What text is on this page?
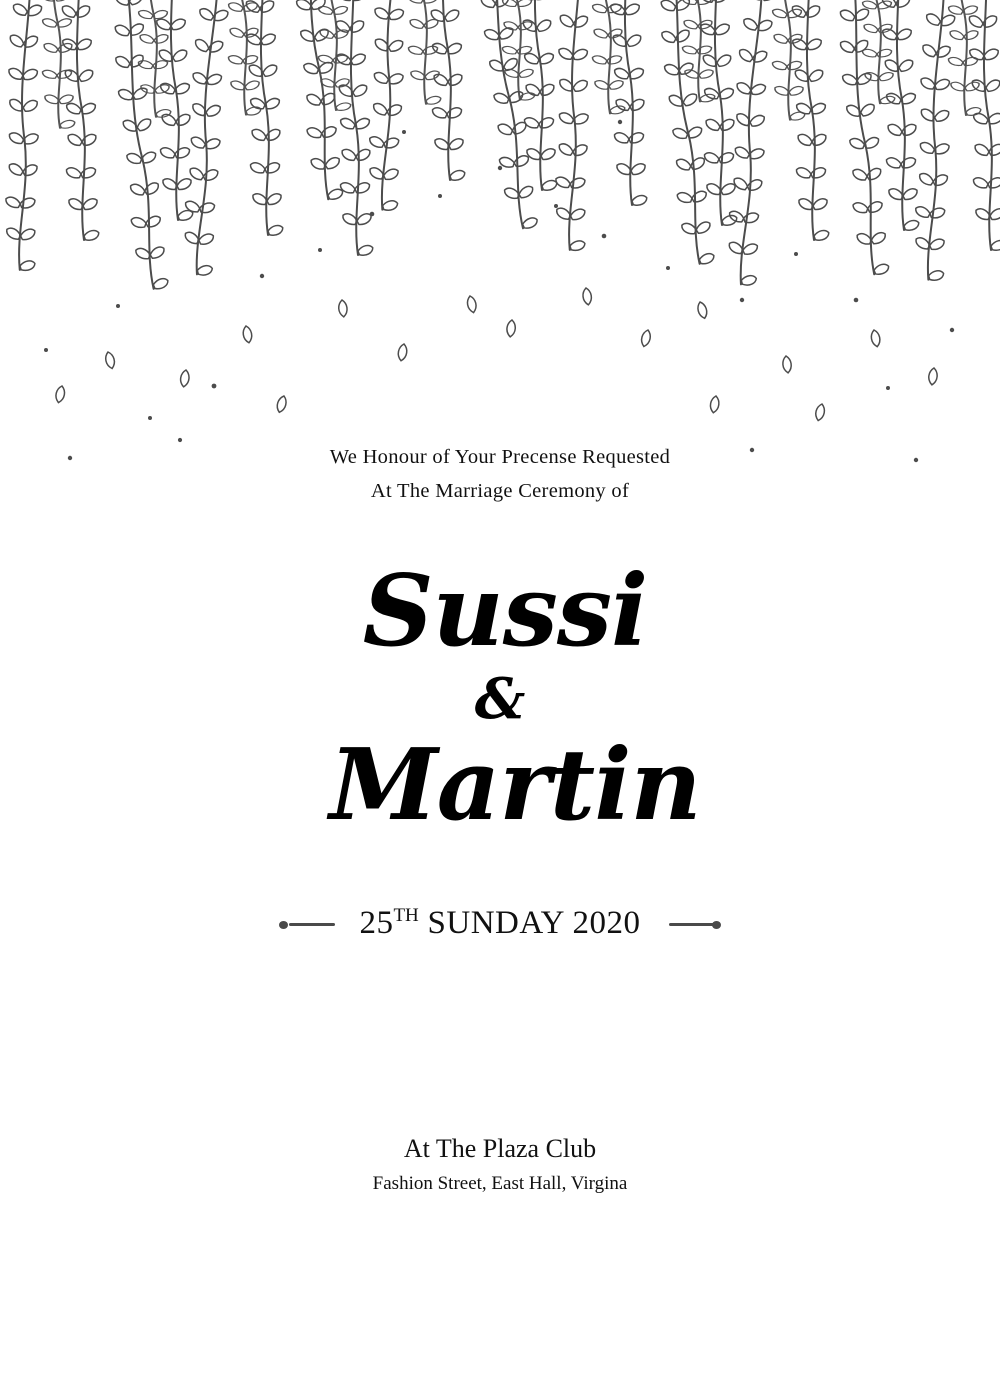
We Honour of Your Precense Requested
At The Marriage Ceremony of
Sussi
&
Martin
25TH SUNDAY 2020
At The Plaza Club
Fashion Street, East Hall, Virgina
